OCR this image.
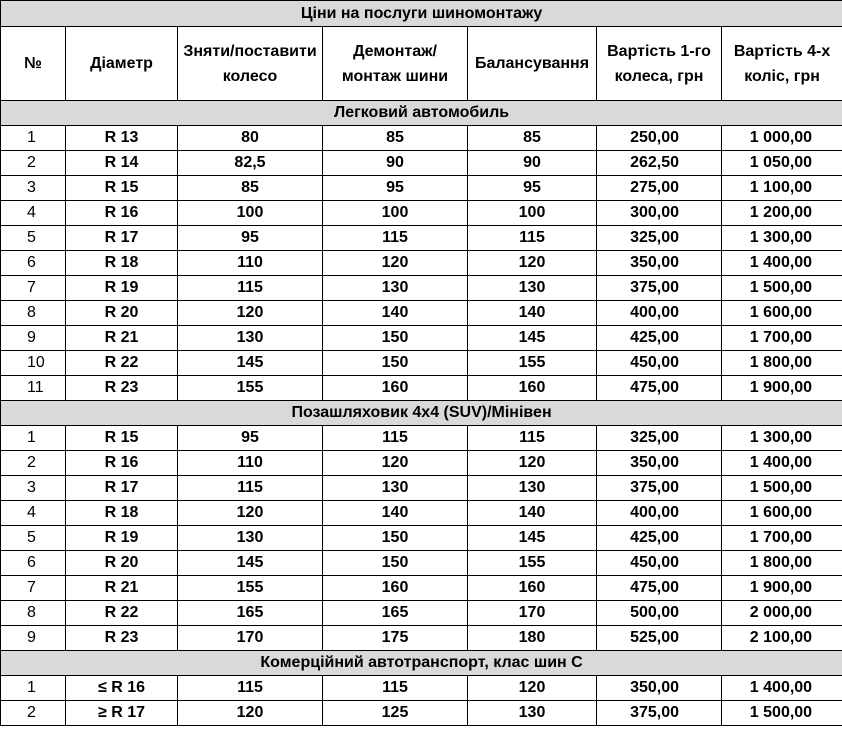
Ціни на послуги шиномонтажу						
№	Діаметр	Зняти/поставити колесо	Демонтаж/ монтаж шини	Балансування	Вартість 1-го колеса, грн	Вартість 4-х коліс, грн
Легковий автомобиль						
1	R 13	80	85	85	250,00	1 000,00
2	R 14	82,5	90	90	262,50	1 050,00
3	R 15	85	95	95	275,00	1 100,00
4	R 16	100	100	100	300,00	1 200,00
5	R 17	95	115	115	325,00	1 300,00
6	R 18	110	120	120	350,00	1 400,00
7	R 19	115	130	130	375,00	1 500,00
8	R 20	120	140	140	400,00	1 600,00
9	R 21	130	150	145	425,00	1 700,00
10	R 22	145	150	155	450,00	1 800,00
11	R 23	155	160	160	475,00	1 900,00
Позашляховик 4x4 (SUV)/Мінівен						
1	R 15	95	115	115	325,00	1 300,00
2	R 16	110	120	120	350,00	1 400,00
3	R 17	115	130	130	375,00	1 500,00
4	R 18	120	140	140	400,00	1 600,00
5	R 19	130	150	145	425,00	1 700,00
6	R 20	145	150	155	450,00	1 800,00
7	R 21	155	160	160	475,00	1 900,00
8	R 22	165	165	170	500,00	2 000,00
9	R 23	170	175	180	525,00	2 100,00
Комерційний автотранспорт, клас шин С						
1	≤ R 16	115	115	120	350,00	1 400,00
2	≥ R 17	120	125	130	375,00	1 500,00
